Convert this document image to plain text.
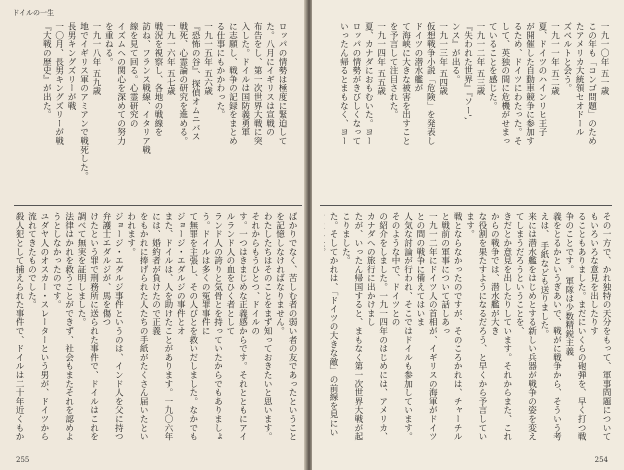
ドイルの一生
ロッパの情勢は極度に緊迫して
た。八月にイギリスは宣戦の
布告をし、第一次世界大戦に突
入した。ドイルは国防義勇軍
に志願し、戦争の記録をまとめ
る仕事にもかかわった。
一九一五年 五六歳
『恐怖の谷』、探偵オムニバス
戦死、心霊論の研究を進める。
一九一六年 五七歳
戦況を視察し、各地の戦線を
訪ね、フランス戦線、イタリア戦
線を見て回る。心霊研究の
イズムへの関心を深めての努力
を重ねる。
一九一八年 五九歳
地でイギリス軍のアミアンで戦死した。
長男キングズリーが戦
一〇月、長男キングズリーが戦
『大戦の歴史』が出た。
ばかりでなく、苦しむ者の弱い者の友であったということを記憶しなければなりません。
わたしたちはそのことをまず知っておきたいと思います。それからもうひとつ、ドイルの
す。一つはきまじめな正義感からです。それとともにアイルランド人の血をひく者として
ランド人の誇りと気骨とを持っていたからでもありましょう。ドイルは多くの冤罪事件に
て無罪を主張し、その人びとを救いだしました。なかでもジョージ・エダルジの事件とオ
また、ドイルは、人を助けたことがあります。一九〇六年には、婚約者が負けたので正義
をもかれに捧げられた人たちの手紙がたくさん届いたといわれます。
ジョージ・エダルジ事件というのは、インド人を父に持つ弁護士エダルジが、馬を傷つ
けたという罪で刑務所に送られた事件で、ドイルはこれを調べて無実を証明しました。
法律はかれを救うことができず、社会もまたそれを認めようとしなかったのです。
ユダヤ人のオスカー・スレーターという男が、ドイツから流れてきたものでした。
殺人犯として捕えられた事件で、ドイルは二十年近くもか
255
一九一〇年 五一歳
この年も「コンゴ問題」のため
たアメリカ大統領セオドール
ズベルトと会う。
一九一一年 五二歳
夏、ドイツのハインリヒ王子
が開催した自動車競争に参加す
るため、ドイツにわたった。そ
して、英独の間に危機がせまっ
ていることを感じた。
一九一二年 五三歳
『失われた世界』『ソー',
ンス』が出る。
一九一三年 五四歳
仮想戦争小説「危険」を発表し
ドイツの潜水艦が
て海峡に大きな被害を出すこと
を予言して注目された。
一九一四年 五五歳
夏、カナダにおもむいた。ヨー
ロッパの情勢がきびしくなって
いったん帰るとまもなく、ヨー
その一方で、かれ独特の天分をもって、軍事問題についてもいろいろな意見を出したりす
ることもありました。まだにいくらの砲弾を、早く打つ戦争のことです。 軍隊は少数精鋭主義
義をとるかというぎあいで、戦がに戦争から、そういう考えは、 手紙なども送りました。
来には潜水艦をはじめとする新しい兵器が戦争の姿を変えてしまうだろうということを、
きだとか意見を出したりしています。それからまた、これからの戦争では、潜水艦が大き
な役割を果たすようになるだろう、と早くから予言しています。
戦とならなかったのですが、そのころかれは、チャーチルと戦前の軍事について話しあっ
一九一二年にドイツ人の首相が、イギリスの海軍がドイツとの間の戦争に備えてはいま
人気な討論が行われ、そこではドイルも参加しています。そのような中で、ドイツとの
の紹介をしました。一九一四年のはじめには、アメリカ、カナダへの旅行に出かけまし
たが、いったん帰国すると、まもなく第一次世界大戦が起こりました。
た。そしてかれは、「ドイツの大きな敵」の前線を見にい
254
